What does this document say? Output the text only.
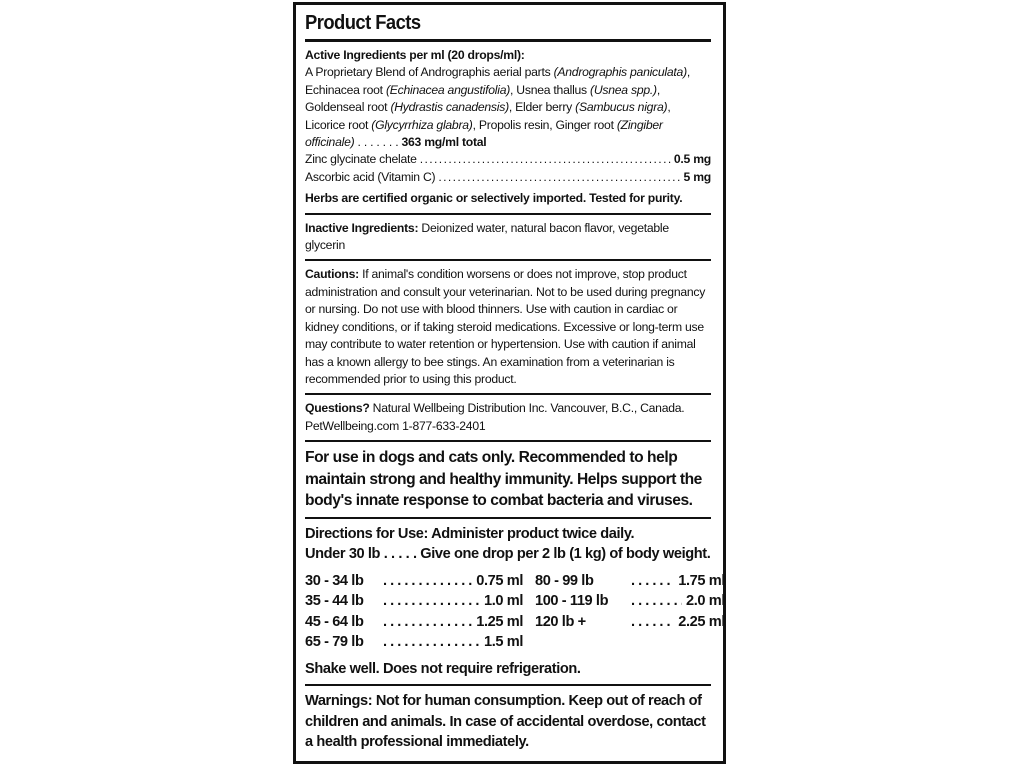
Product Facts
Active Ingredients per ml (20 drops/ml):
A Proprietary Blend of Andrographis aerial parts (Andrographis paniculata), Echinacea root (Echinacea angustifolia), Usnea thallus (Usnea spp.), Goldenseal root (Hydrastis canadensis), Elder berry (Sambucus nigra), Licorice root (Glycyrrhiza glabra), Propolis resin, Ginger root (Zingiber officinale) . . . . . . . 363 mg/ml total
Zinc glycinate chelate . . .	0.5 mg
Ascorbic acid (Vitamin C) . . .	5 mg
Herbs are certified organic or selectively imported. Tested for purity.
Inactive Ingredients: Deionized water, natural bacon flavor, vegetable glycerin
Cautions: If animal's condition worsens or does not improve, stop product administration and consult your veterinarian. Not to be used during pregnancy or nursing. Do not use with blood thinners. Use with caution in cardiac or kidney conditions, or if taking steroid medications. Excessive or long-term use may contribute to water retention or hypertension. Use with caution if animal has a known allergy to bee stings. An examination from a veterinarian is recommended prior to using this product.
Questions? Natural Wellbeing Distribution Inc. Vancouver, B.C., Canada.
PetWellbeing.com 1-877-633-2401
For use in dogs and cats only. Recommended to help maintain strong and healthy immunity. Helps support the body's innate response to combat bacteria and viruses.
Directions for Use: Administer product twice daily.
Under 30 lb . . . . . Give one drop per 2 lb (1 kg) of body weight.
30 - 34 lb . . .	0.75 ml
35 - 44 lb . . .	1.0 ml
45 - 64 lb . . .	1.25 ml
65 - 79 lb . . .	1.5 ml
80 - 99 lb . . .	1.75 ml
100 - 119 lb . . .	2.0 ml
120 lb + . . .	2.25 ml
Shake well. Does not require refrigeration.
Warnings: Not for human consumption. Keep out of reach of children and animals. In case of accidental overdose, contact a health professional immediately.
